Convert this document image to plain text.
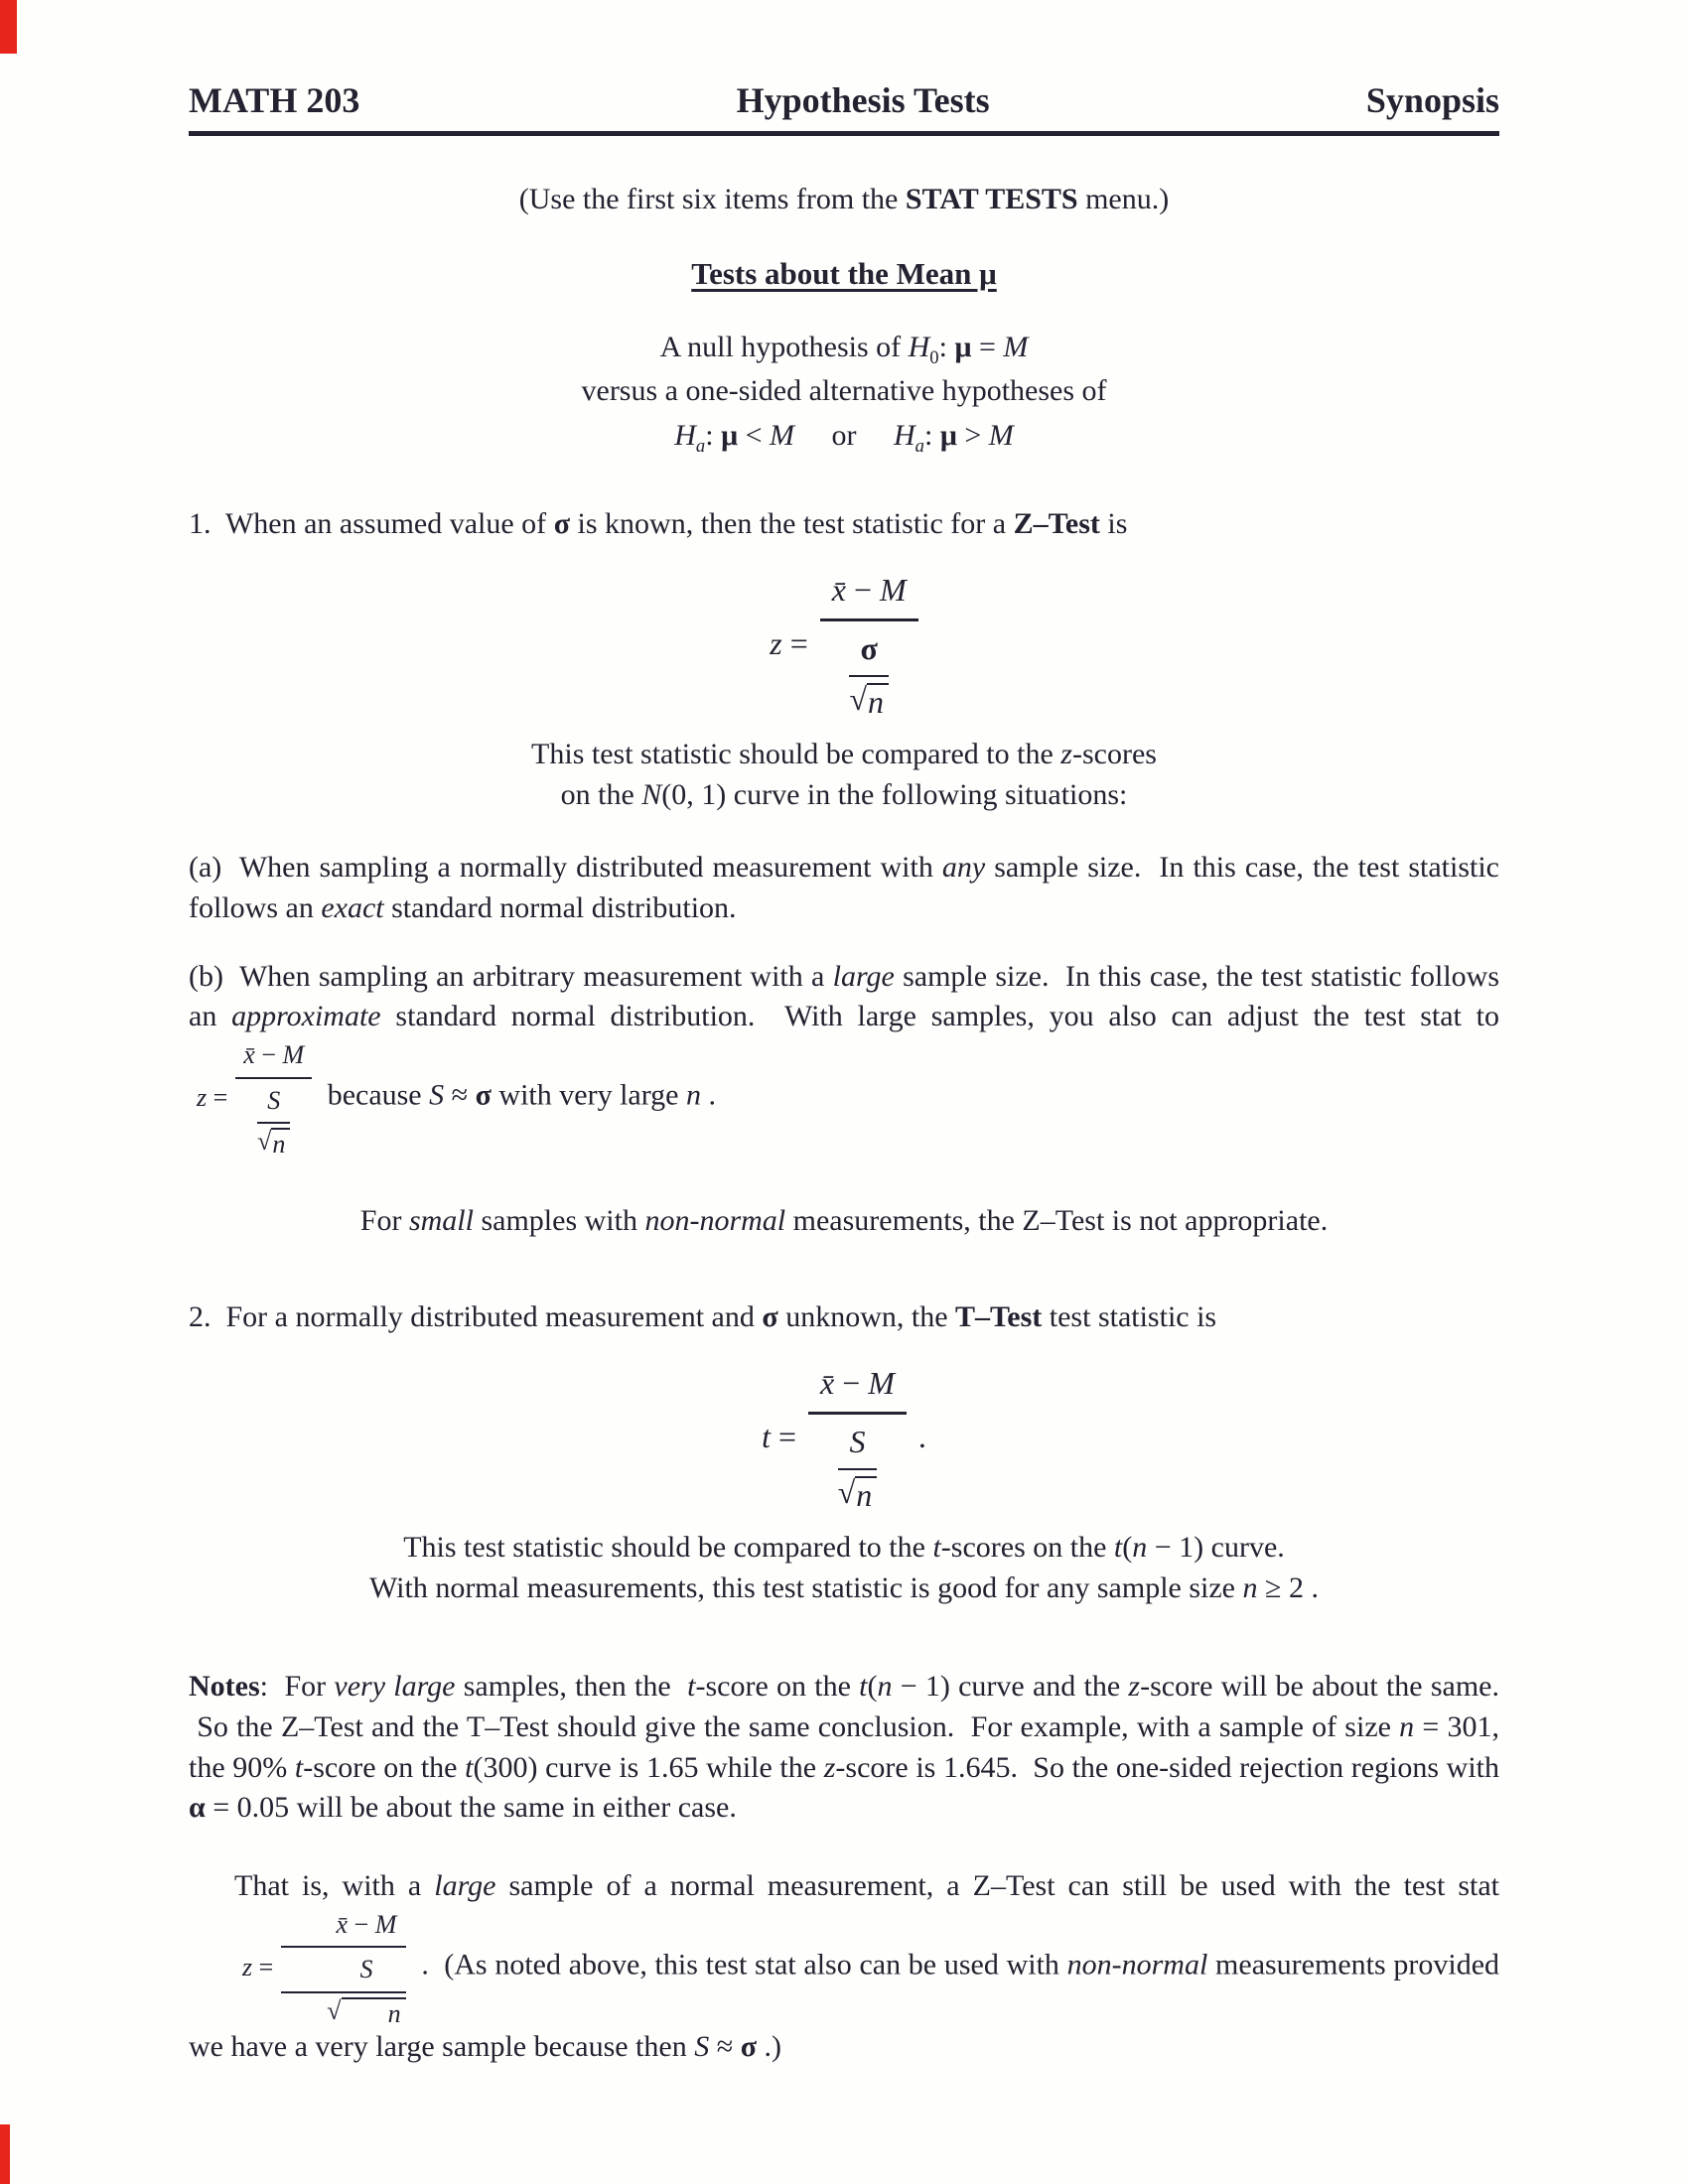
MATH 203	Hypothesis Tests	Synopsis

(Use the first six items from the STAT TESTS menu.)

Tests about the Mean μ

A null hypothesis of $H_0$: μ = M

versus a one-sided alternative hypotheses of

$H_a$: μ < M     or     $H_a$: μ > M

1.  When an assumed value of σ is known, then the test statistic for a Z–Test is

$z = \frac{x̄ - M}{\frac{\sigma}{√ n}}$

This test statistic should be compared to the z-scores

on the N(0, 1) curve in the following situations:

(a)  When sampling a normally distributed measurement with any sample size.  In this case, the test statistic follows an exact standard normal distribution.

(b)  When sampling an arbitrary measurement with a large sample size.  In this case, the test statistic follows an approximate standard normal distribution.  With large samples, you also can adjust the test stat to
z =
x̄ − M
$\frac{S}{√ n}$ because S ≈ σ with very large n .

For small samples with non-normal measurements, the Z–Test is not appropriate.

2.  For a normally distributed measurement and σ unknown, the T–Test test statistic is

$t = \frac{x̄ - M}{\frac{S}{√ n}}$ .

This test statistic should be compared to the t-scores on the t(n − 1) curve.

With normal measurements, this test statistic is good for any sample size n ≥ 2 .

Notes:  For very large samples, then the  t-score on the t(n − 1) curve and the z-score will be about the same.  So the Z–Test and the T–Test should give the same conclusion.  For example, with a sample of size n = 301, the 90% t-score on the t(300) curve is 1.65 while the z-score is 1.645.  So the one-sided rejection regions with α = 0.05 will be about the same in either case.

That is, with a large sample of a normal measurement, a Z–Test can still be used with the test stat
z =
x̄ − M
S
√	n .  (As noted above, this test stat also can be used with non-normal measurements provided we have a very large sample because then S ≈ σ .)
